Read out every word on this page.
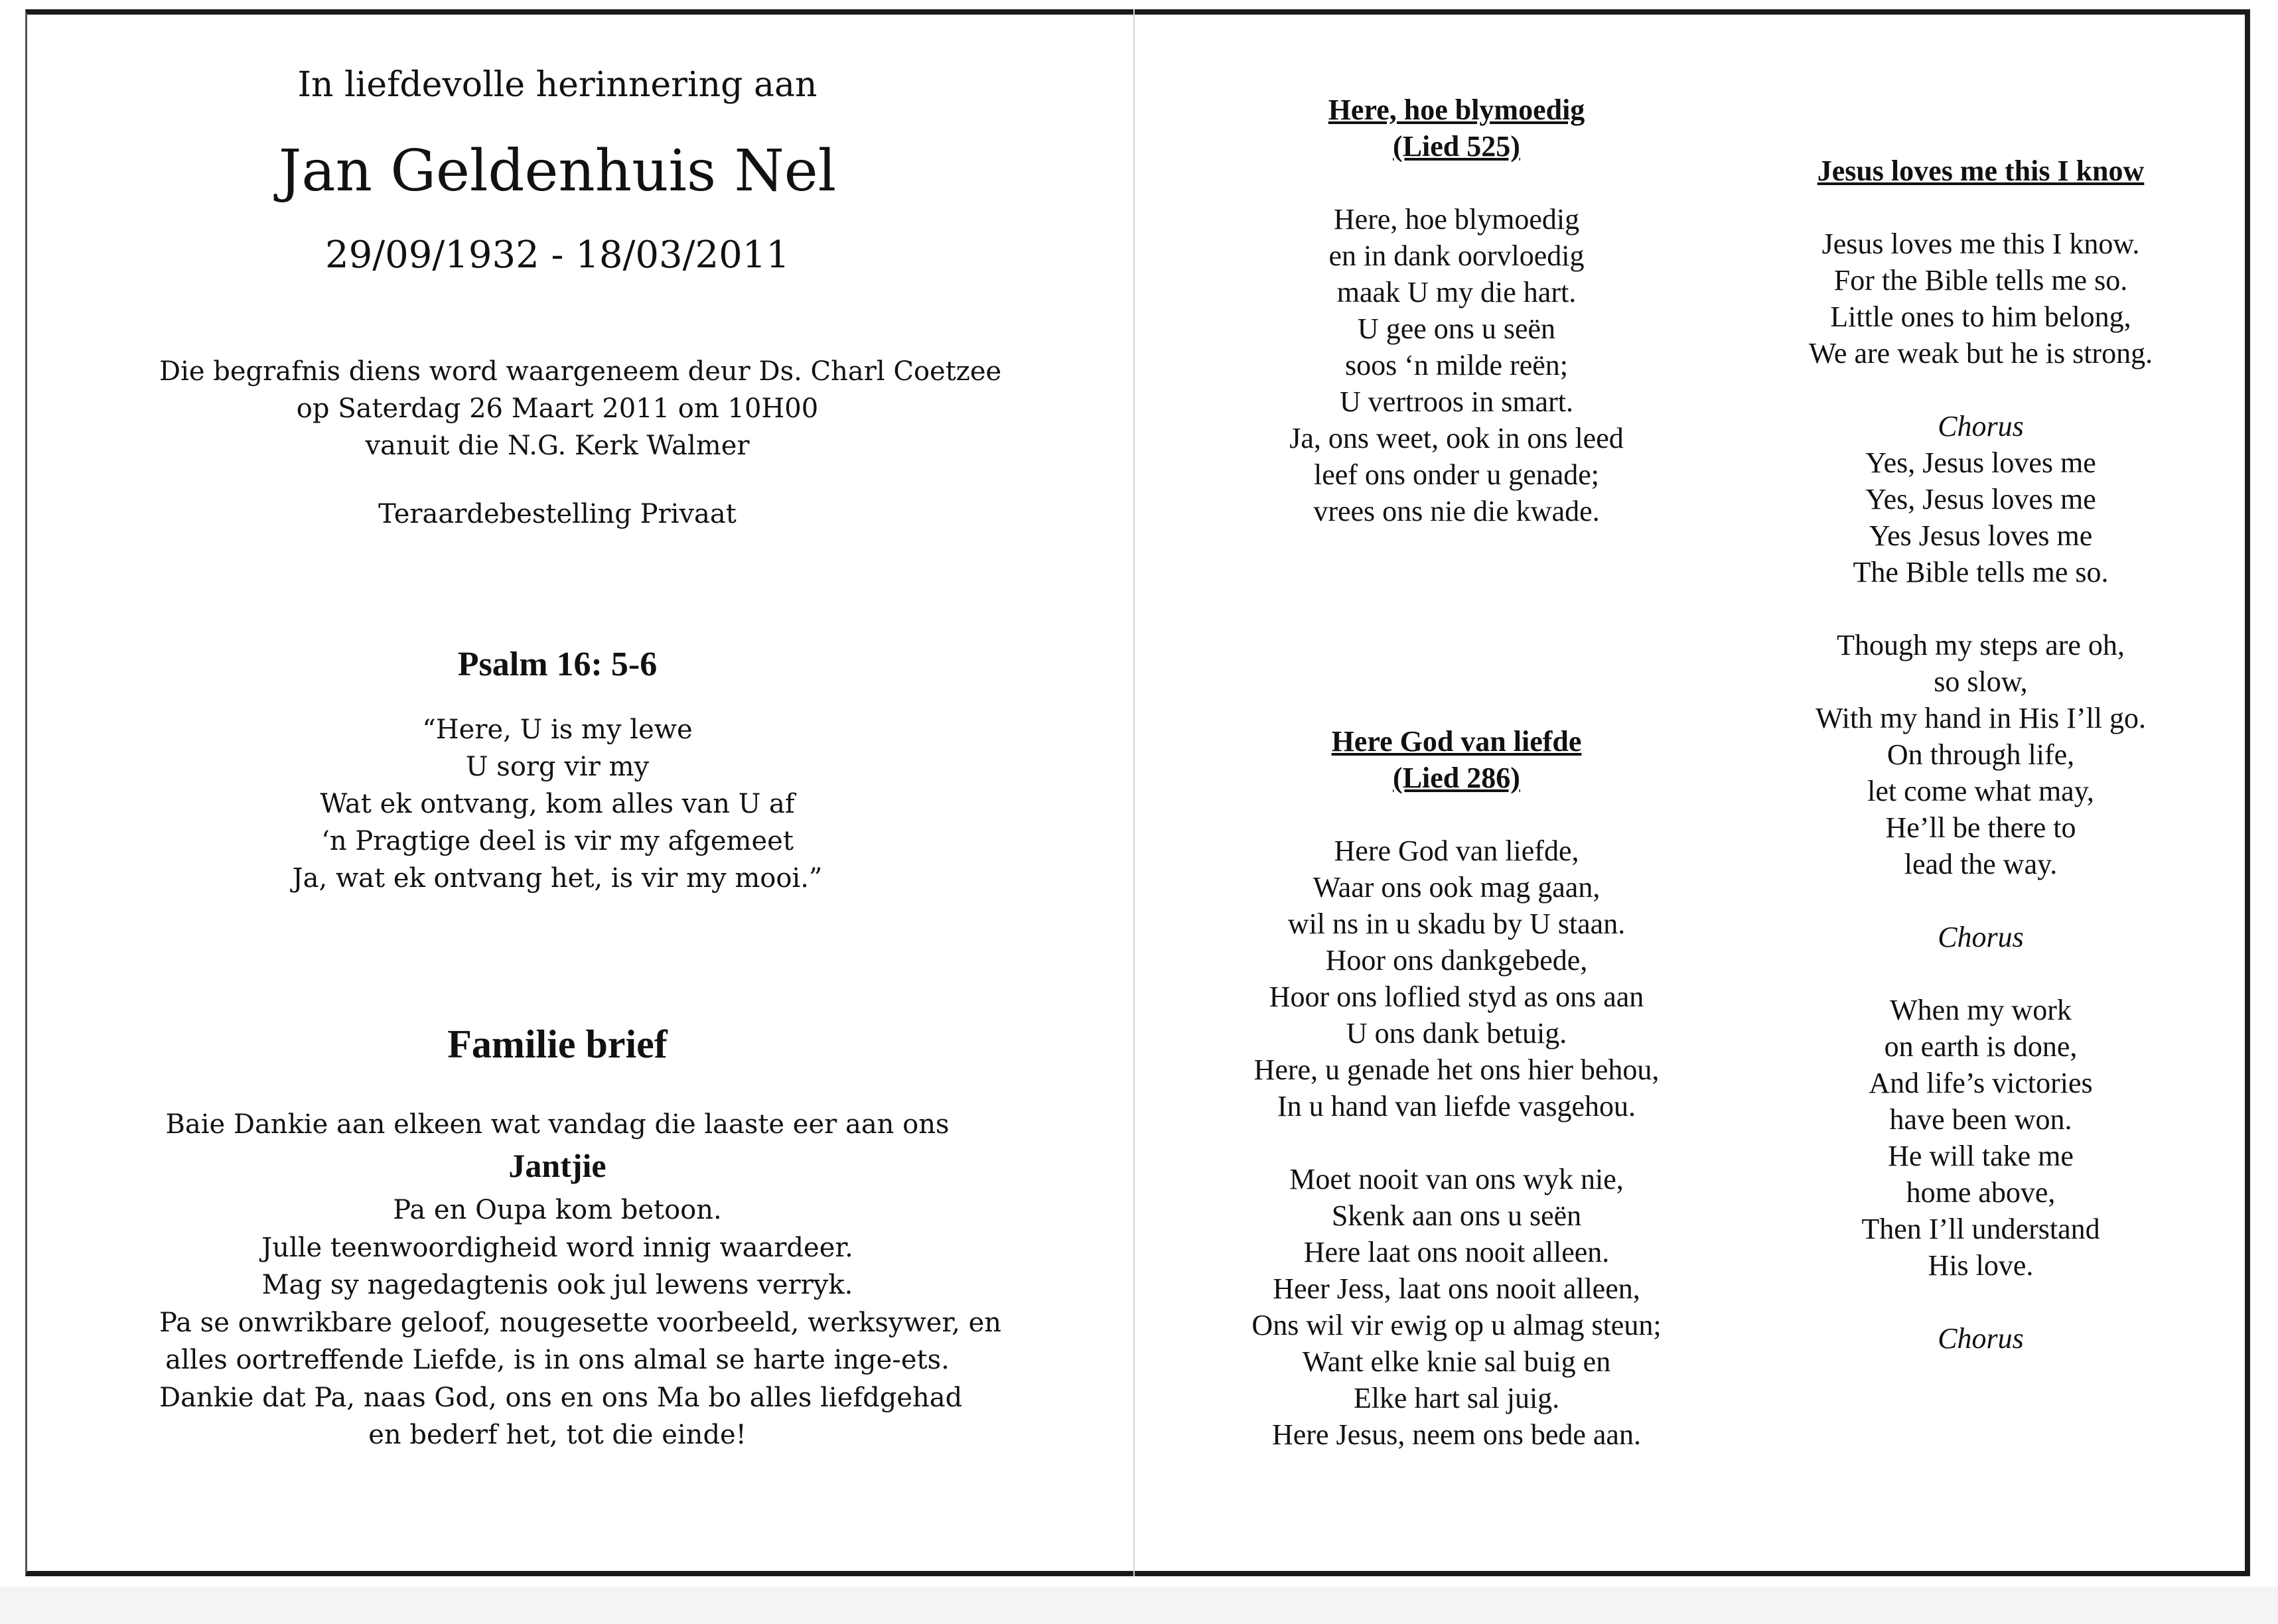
In liefdevolle herinnering aan
Jan Geldenhuis Nel
29/09/1932 - 18/03/2011
Die begrafnis diens word waargeneem deur Ds. Charl Coetzee
op Saterdag 26 Maart 2011 om 10H00
vanuit die N.G. Kerk Walmer
Teraardebestelling Privaat
Psalm 16: 5-6
“Here, U is my lewe
U sorg vir my
Wat ek ontvang, kom alles van U af
‘n Pragtige deel is vir my afgemeet
Ja, wat ek ontvang het, is vir my mooi.”
Familie brief
Baie Dankie aan elkeen wat vandag die laaste eer aan ons
Jantjie
Pa en Oupa kom betoon.
Julle teenwoordigheid word innig waardeer.
Mag sy nagedagtenis ook jul lewens verryk.
Pa se onwrikbare geloof, nougesette voorbeeld, werksywer, en
alles oortreffende Liefde, is in ons almal se harte inge-ets.
Dankie dat Pa, naas God, ons en ons Ma bo alles liefdgehad
en bederf het, tot die einde!
Here, hoe blymoedig
(Lied 525)
Here, hoe blymoedig
en in dank oorvloedig
maak U my die hart.
U gee ons u seën
soos ‘n milde reën;
U vertroos in smart.
Ja, ons weet, ook in ons leed
leef ons onder u genade;
vrees ons nie die kwade.
Here God van liefde
(Lied 286)
Here God van liefde,
Waar ons ook mag gaan,
wil ns in u skadu by U staan.
Hoor ons dankgebede,
Hoor ons loflied styd as ons aan
U ons dank betuig.
Here, u genade het ons hier behou,
In u hand van liefde vasgehou.
Moet nooit van ons wyk nie,
Skenk aan ons u seën
Here laat ons nooit alleen.
Heer Jess, laat ons nooit alleen,
Ons wil vir ewig op u almag steun;
Want elke knie sal buig en
Elke hart sal juig.
Here Jesus, neem ons bede aan.
Jesus loves me this I know
Jesus loves me this I know.
For the Bible tells me so.
Little ones to him belong,
We are weak but he is strong.
Chorus
Yes, Jesus loves me
Yes, Jesus loves me
Yes Jesus loves me
The Bible tells me so.
Though my steps are oh,
so slow,
With my hand in His I’ll go.
On through life,
let come what may,
He’ll be there to
lead the way.
Chorus
When my work
on earth is done,
And life’s victories
have been won.
He will take me
home above,
Then I’ll understand
His love.
Chorus
